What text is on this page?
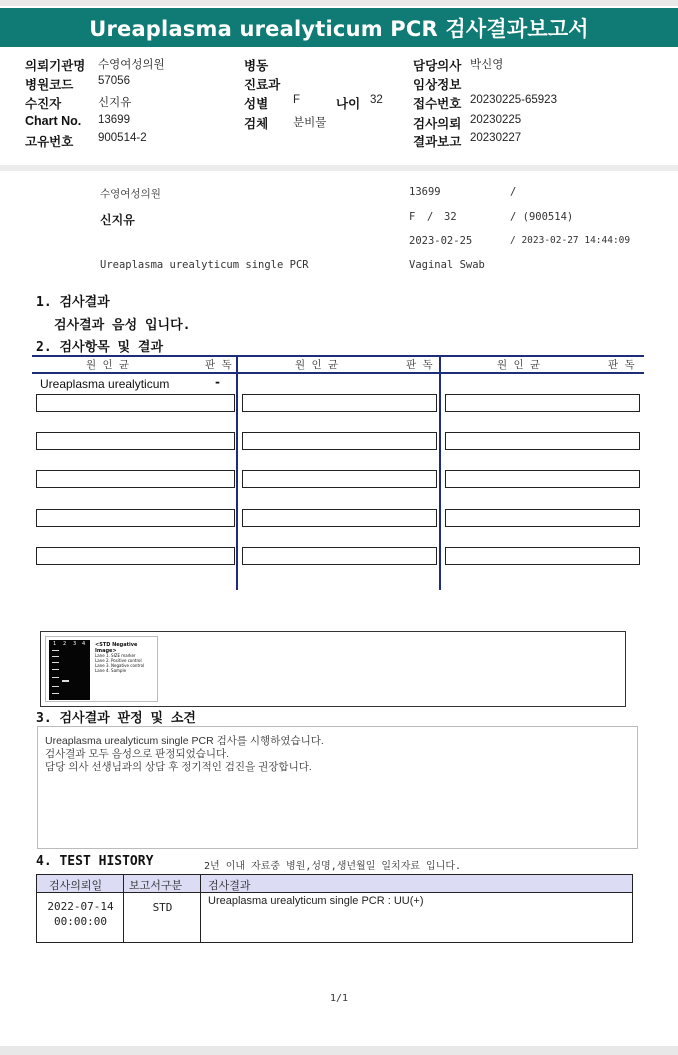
Ureaplasma urealyticum PCR 검사결과보고서
의뢰기관명 수영여성의원	병동	담당의사 박신영
병원코드 57056	진료과	임상정보
수진자	신지유	성별 F	나이 32 접수번호 20230225-65923
Chart No. 13699	검체 분비물	검사의뢰 20230225
고유번호 900514-2	결과보고 20230227
수영여성의원	13699	/
신지유	F / 32	/ (900514)
2023-02-25	/ 2023-02-27 14:44:09
Ureaplasma urealyticum single PCR	Vaginal Swab
1. 검사결과
검사결과 음성 입니다.
2. 검사항목 및 결과
원 인 균	판 독	원 인 균	판 독	원 인 균	판 독
Ureaplasma urealyticum	-
1 2 3 4 <STD Negative Image>
Lane 1. SIZE marker
Lane 2. Positive control
Lane 3. Negative control
Lane 4. Sample
3. 검사결과 판정 및 소견
Ureaplasma urealyticum single PCR 검사를 시행하였습니다.
검사결과 모두 음성으로 판정되었습니다.
담당 의사 선생님과의 상담 후 정기적인 검진을 권장합니다.
4. TEST HISTORY	2년 이내 자료중 병원,성명,생년월일 일치자료 입니다.
검사의뢰일 보고서구분 검사결과
2022-07-14
00:00:00
STD	Ureaplasma urealyticum single PCR : UU(+)
1/1
